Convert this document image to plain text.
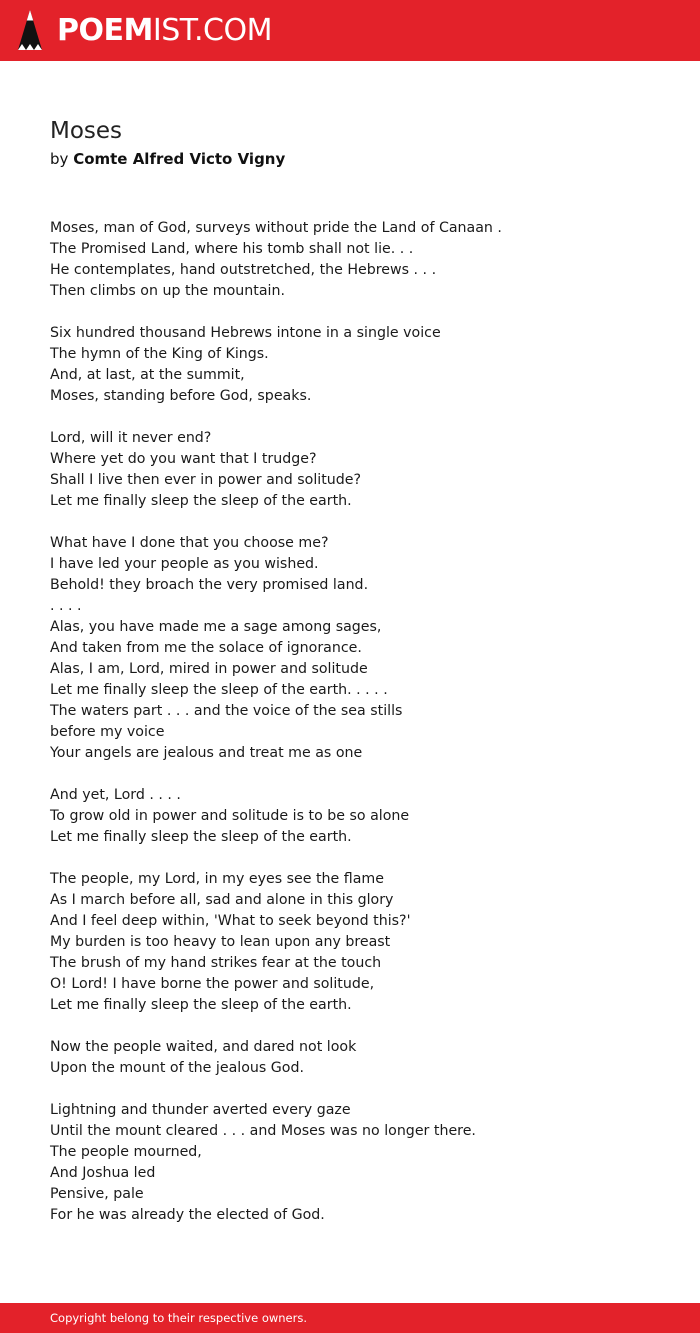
POEMIST.COM
Moses
by Comte Alfred Victo Vigny
Moses, man of God, surveys without pride the Land of Canaan .
The Promised Land, where his tomb shall not lie. . .
He contemplates, hand outstretched, the Hebrews . . .
Then climbs on up the mountain.
Six hundred thousand Hebrews intone in a single voice
The hymn of the King of Kings.
And, at last, at the summit,
Moses, standing before God, speaks.
Lord, will it never end?
Where yet do you want that I trudge?
Shall I live then ever in power and solitude?
Let me finally sleep the sleep of the earth.
What have I done that you choose me?
I have led your people as you wished.
Behold! they broach the very promised land.
. . . .
Alas, you have made me a sage among sages,
And taken from me the solace of ignorance.
Alas, I am, Lord, mired in power and solitude
Let me finally sleep the sleep of the earth. . . . .
The waters part . . . and the voice of the sea stills
before my voice
Your angels are jealous and treat me as one
And yet, Lord . . . .
To grow old in power and solitude is to be so alone
Let me finally sleep the sleep of the earth.
The people, my Lord, in my eyes see the flame
As I march before all, sad and alone in this glory
And I feel deep within, 'What to seek beyond this?'
My burden is too heavy to lean upon any breast
The brush of my hand strikes fear at the touch
O! Lord! I have borne the power and solitude,
Let me finally sleep the sleep of the earth.
Now the people waited, and dared not look
Upon the mount of the jealous God.
Lightning and thunder averted every gaze
Until the mount cleared . . . and Moses was no longer there.
The people mourned,
And Joshua led
Pensive, pale
For he was already the elected of God.
Copyright belong to their respective owners.
